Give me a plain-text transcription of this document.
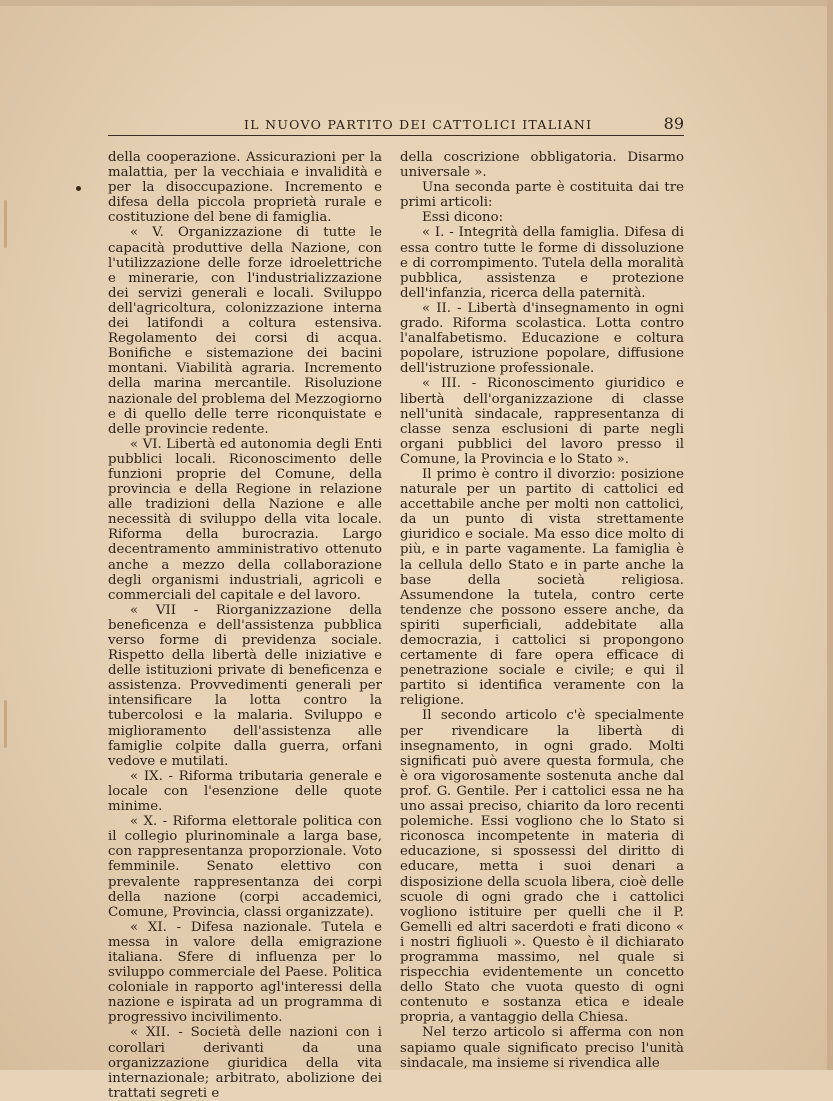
IL NUOVO PARTITO DEI CATTOLICI ITALIANI	89

della cooperazione. Assicurazioni per la malattia, per la vecchiaia e invalidità e per la disoccupazione. Incremento e difesa della piccola proprietà rurale e costituzione del bene di famiglia.

« V. Organizzazione di tutte le capacità produttive della Nazione, con l'utilizzazione delle forze idroelettriche e minerarie, con l'industrializzazione dei servizi generali e locali. Sviluppo dell'agricoltura, colonizzazione interna dei latifondi a coltura estensiva. Regolamento dei corsi di acqua. Bonifiche e sistemazione dei bacini montani. Viabilità agraria. Incremento della marina mercantile. Risoluzione nazionale del problema del Mezzogiorno e di quello delle terre riconquistate e delle provincie redente.

« VI. Libertà ed autonomia degli Enti pubblici locali. Riconoscimento delle funzioni proprie del Comune, della provincia e della Regione in relazione alle tradizioni della Nazione e alle necessità di sviluppo della vita locale. Riforma della burocrazia. Largo decentramento amministrativo ottenuto anche a mezzo della collaborazione degli organismi industriali, agricoli e commerciali del capitale e del lavoro.

« VII - Riorganizzazione della beneficenza e dell'assistenza pubblica verso forme di previdenza sociale. Rispetto della libertà delle iniziative e delle istituzioni private di beneficenza e assistenza. Provvedimenti generali per intensificare la lotta contro la tubercolosi e la malaria. Sviluppo e miglioramento dell'assistenza alle famiglie colpite dalla guerra, orfani vedove e mutilati.

« IX. - Riforma tributaria generale e locale con l'esenzione delle quote minime.

« X. - Riforma elettorale politica con il collegio plurinominale a larga base, con rappresentanza proporzionale. Voto femminile. Senato elettivo con prevalente rappresentanza dei corpi della nazione (corpi accademici, Comune, Provincia, classi organizzate).

« XI. - Difesa nazionale. Tutela e messa in valore della emigrazione italiana. Sfere di influenza per lo sviluppo commerciale del Paese. Politica coloniale in rapporto agl'interessi della nazione e ispirata ad un programma di progressivo incivilimento.

« XII. - Società delle nazioni con i corollari derivanti da una organizzazione giuridica della vita internazionale; arbitrato, abolizione dei trattati segreti e

della coscrizione obbligatoria. Disarmo universale ».

Una seconda parte è costituita dai tre primi articoli:

Essi dicono:

« I. - Integrità della famiglia. Difesa di essa contro tutte le forme di dissoluzione e di corrompimento. Tutela della moralità pubblica, assistenza e protezione dell'infanzia, ricerca della paternità.

« II. - Libertà d'insegnamento in ogni grado. Riforma scolastica. Lotta contro l'analfabetismo. Educazione e coltura popolare, istruzione popolare, diffusione dell'istruzione professionale.

« III. - Riconoscimento giuridico e libertà dell'organizzazione di classe nell'unità sindacale, rappresentanza di classe senza esclusioni di parte negli organi pubblici del lavoro presso il Comune, la Provincia e lo Stato ».

Il primo è contro il divorzio: posizione naturale per un partito di cattolici ed accettabile anche per molti non cattolici, da un punto di vista strettamente giuridico e sociale. Ma esso dice molto di più, e in parte vagamente. La famiglia è la cellula dello Stato e in parte anche la base della società religiosa. Assumendone la tutela, contro certe tendenze che possono essere anche, da spiriti superficiali, addebitate alla democrazia, i cattolici si propongono certamente di fare opera efficace di penetrazione sociale e civile; e qui il partito si identifica veramente con la religione.

Il secondo articolo c'è specialmente per rivendicare la libertà di insegnamento, in ogni grado. Molti significati può avere questa formula, che è ora vigorosamente sostenuta anche dal prof. G. Gentile. Per i cattolici essa ne ha uno assai preciso, chiarito da loro recenti polemiche. Essi vogliono che lo Stato si riconosca incompetente in materia di educazione, si spossessi del diritto di educare, metta i suoi denari a disposizione della scuola libera, cioè delle scuole di ogni grado che i cattolici vogliono istituire per quelli che il P. Gemelli ed altri sacerdoti e frati dicono « i nostri figliuoli ». Questo è il dichiarato programma massimo, nel quale si rispecchia evidentemente un concetto dello Stato che vuota questo di ogni contenuto e sostanza etica e ideale propria, a vantaggio della Chiesa.

Nel terzo articolo si afferma con non sapiamo quale significato preciso l'unità sindacale, ma insieme si rivendica alle
